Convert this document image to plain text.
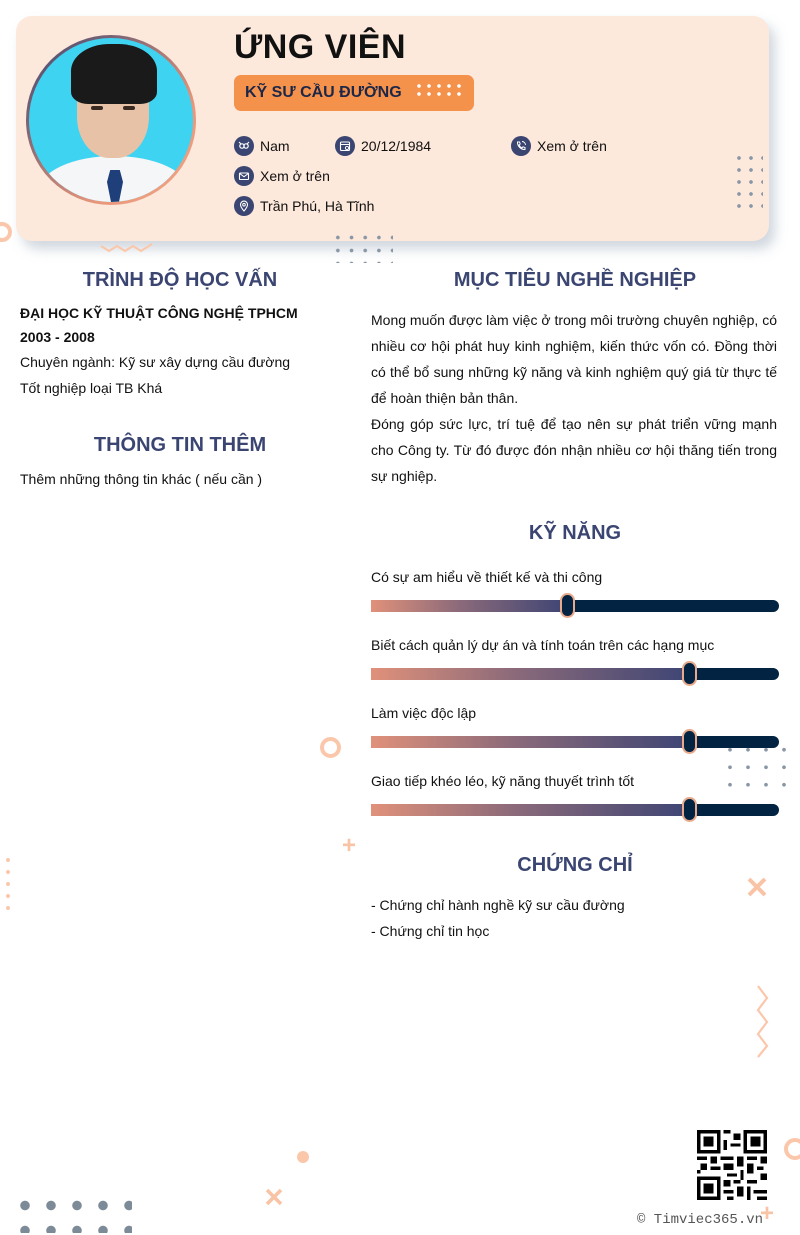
ỨNG VIÊN
KỸ SƯ CẦU ĐƯỜNG
Nam	20/12/1984	Xem ở trên
Xem ở trên
Trần Phú, Hà Tĩnh
TRÌNH ĐỘ HỌC VẤN
ĐẠI HỌC KỸ THUẬT CÔNG NGHỆ TPHCM
2003 - 2008
Chuyên ngành: Kỹ sư xây dựng cầu đường
Tốt nghiệp loại TB Khá
THÔNG TIN THÊM
Thêm những thông tin khác ( nếu cần )
MỤC TIÊU NGHỀ NGHIỆP

Mong muốn được làm việc ở trong môi trường chuyên nghiệp, có nhiều cơ hội phát huy kinh nghiệm, kiến thức vốn có. Đồng thời có thể bổ sung những kỹ năng và kinh nghiệm quý giá từ thực tế để hoàn thiện bản thân.

Đóng góp sức lực, trí tuệ để tạo nên sự phát triển vững mạnh cho Công ty. Từ đó được đón nhận nhiều cơ hội thăng tiến trong sự nghiệp.

KỸ NĂNG
Có sự am hiểu về thiết kế và thi công
Biết cách quản lý dự án và tính toán trên các hạng mục
Làm việc độc lập
Giao tiếp khéo léo, kỹ năng thuyết trình tốt
CHỨNG CHỈ
- Chứng chỉ hành nghề kỹ sư cầu đường
- Chứng chỉ tin học
+
+
© Timviec365.vn
